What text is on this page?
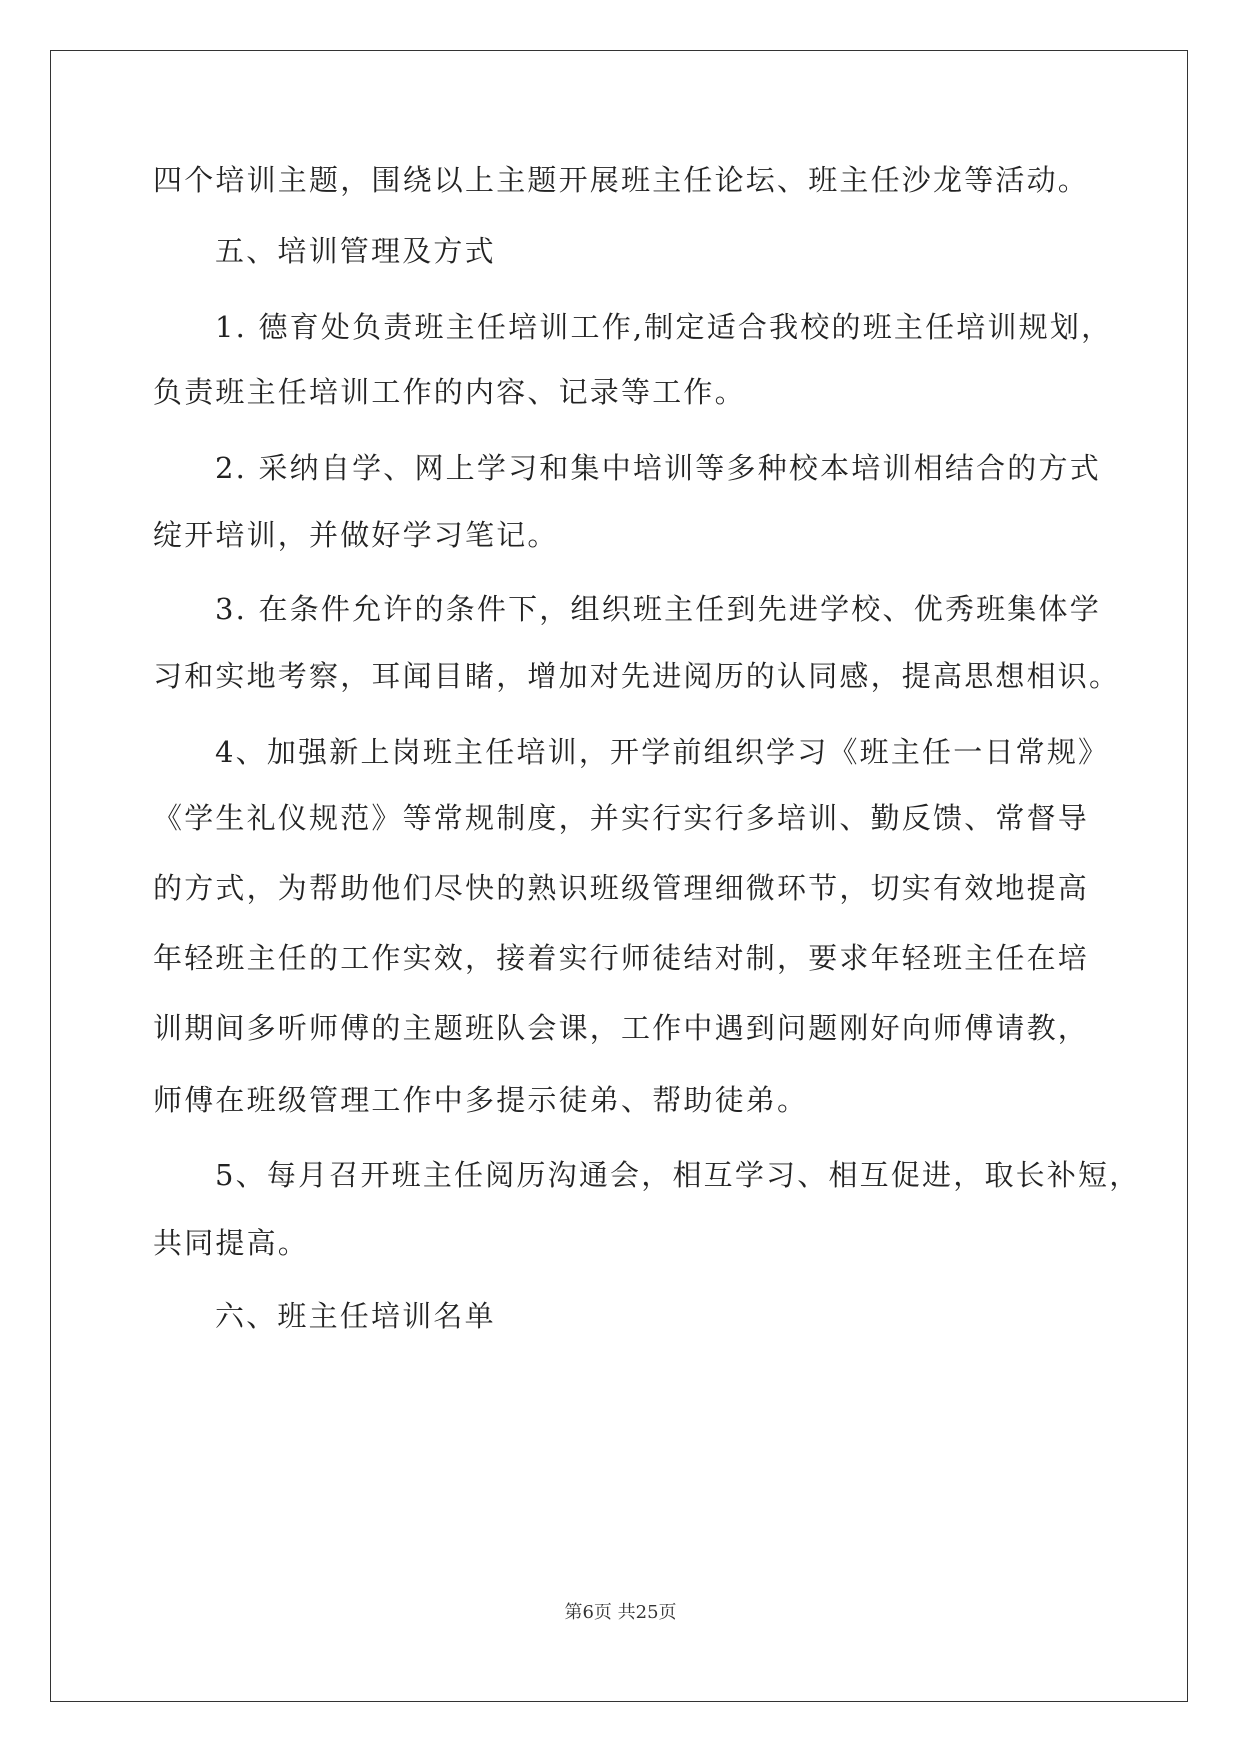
四个培训主题，围绕以上主题开展班主任论坛、班主任沙龙等活动。
五、培训管理及方式
1. 德育处负责班主任培训工作,制定适合我校的班主任培训规划，
负责班主任培训工作的内容、记录等工作。
2. 采纳自学、网上学习和集中培训等多种校本培训相结合的方式
绽开培训，并做好学习笔记。
3. 在条件允许的条件下，组织班主任到先进学校、优秀班集体学
习和实地考察，耳闻目睹，增加对先进阅历的认同感，提高思想相识。
4、加强新上岗班主任培训，开学前组织学习《班主任一日常规》
《学生礼仪规范》等常规制度，并实行实行多培训、勤反馈、常督导
的方式，为帮助他们尽快的熟识班级管理细微环节，切实有效地提高
年轻班主任的工作实效，接着实行师徒结对制，要求年轻班主任在培
训期间多听师傅的主题班队会课，工作中遇到问题刚好向师傅请教，
师傅在班级管理工作中多提示徒弟、帮助徒弟。
5、每月召开班主任阅历沟通会，相互学习、相互促进，取长补短，
共同提高。
六、班主任培训名单
第6页 共25页
